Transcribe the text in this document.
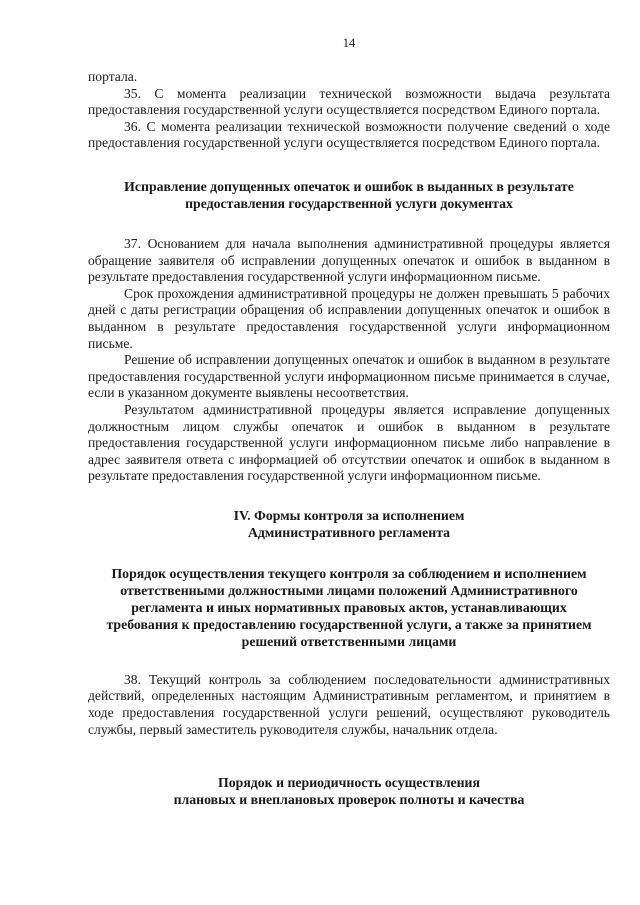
14

портала.

35. С момента реализации технической возможности выдача результата предоставления государственной услуги осуществляется посредством Единого портала.

36. С момента реализации технической возможности получение сведений о ходе предоставления государственной услуги осуществляется посредством Единого портала.

Исправление допущенных опечаток и ошибок в выданных в результате
предоставления государственной услуги документах

37. Основанием для начала выполнения административной процедуры является обращение заявителя об исправлении допущенных опечаток и ошибок в выданном в результате предоставления государственной услуги информационном письме.

Срок прохождения административной процедуры не должен превышать 5 рабочих дней с даты регистрации обращения об исправлении допущенных опечаток и ошибок в выданном в результате предоставления государственной услуги информационном письме.

Решение об исправлении допущенных опечаток и ошибок в выданном в результате предоставления государственной услуги информационном письме принимается в случае, если в указанном документе выявлены несоответствия.

Результатом административной процедуры является исправление допущенных должностным лицом службы опечаток и ошибок в выданном в результате предоставления государственной услуги информационном письме либо направление в адрес заявителя ответа с информацией об отсутствии опечаток и ошибок в выданном в результате предоставления государственной услуги информационном письме.

IV. Формы контроля за исполнением
Административного регламента
Порядок осуществления текущего контроля за соблюдением и исполнением
ответственными должностными лицами положений Административного
регламента и иных нормативных правовых актов, устанавливающих
требования к предоставлению государственной услуги, а также за принятием
решений ответственными лицами

38. Текущий контроль за соблюдением последовательности административных действий, определенных настоящим Административным регламентом, и принятием в ходе предоставления государственной услуги решений, осуществляют руководитель службы, первый заместитель руководителя службы, начальник отдела.

Порядок и периодичность осуществления
плановых и внеплановых проверок полноты и качества
